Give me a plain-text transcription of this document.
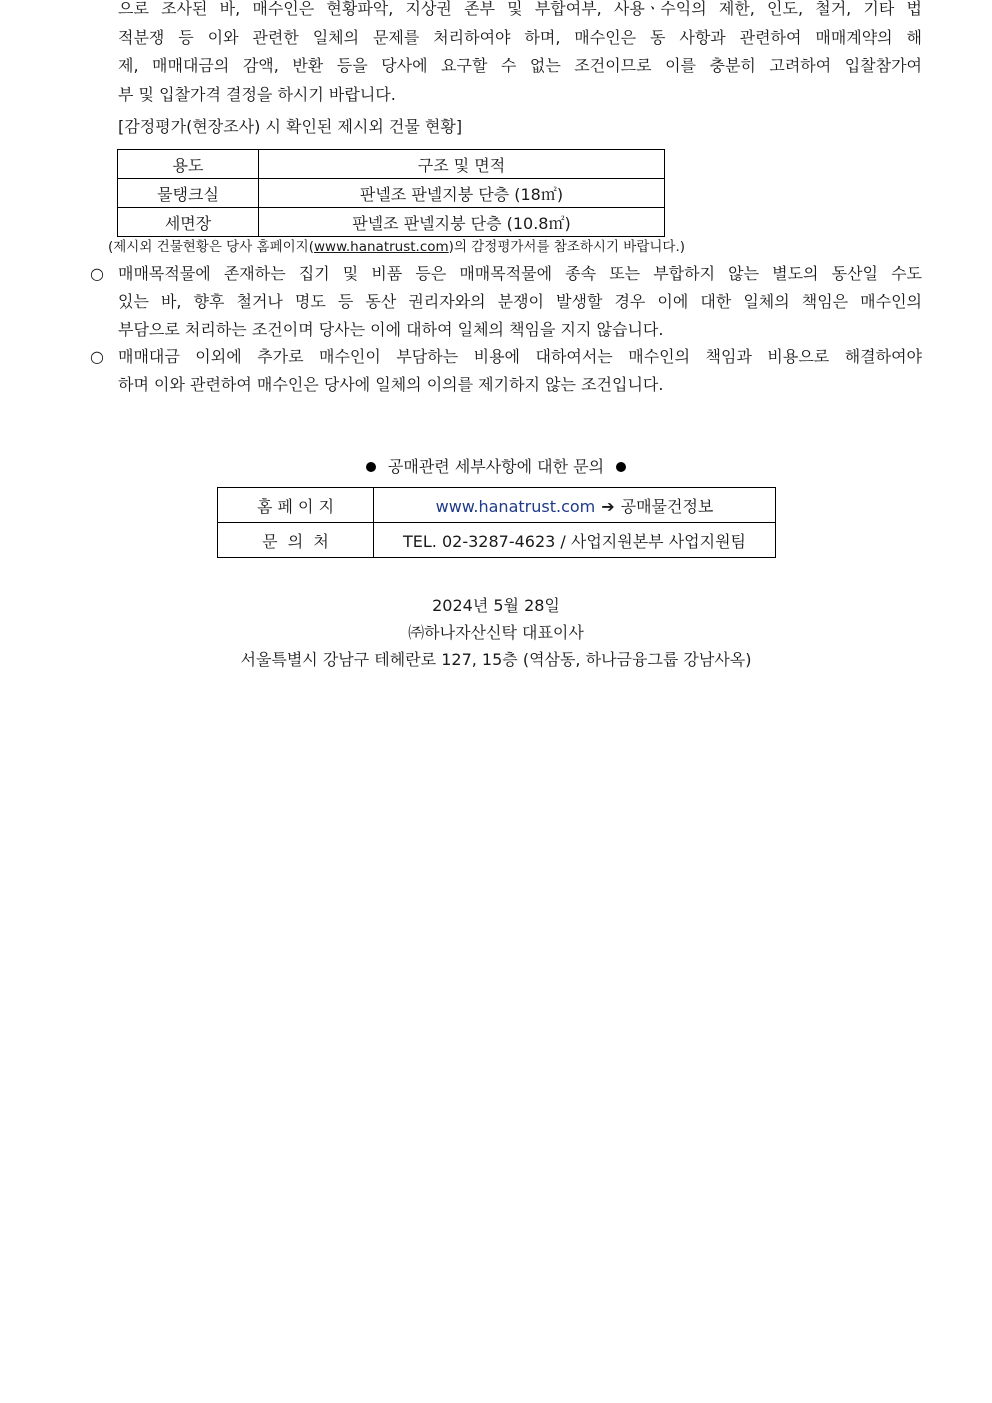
으로 조사된 바, 매수인은 현황파악, 지상권 존부 및 부합여부, 사용ㆍ수익의 제한, 인도, 철거, 기타 법
적분쟁 등 이와 관련한 일체의 문제를 처리하여야 하며, 매수인은 동 사항과 관련하여 매매계약의 해
제, 매매대금의 감액, 반환 등을 당사에 요구할 수 없는 조건이므로 이를 충분히 고려하여 입찰참가여
부 및 입찰가격 결정을 하시기 바랍니다.
[감정평가(현장조사) 시 확인된 제시외 건물 현황]
용도	구조 및 면적
물탱크실	판넬조 판넬지붕 단층 (18㎡)
세면장	판넬조 판넬지붕 단층 (10.8㎡)
(제시외 건물현황은 당사 홈페이지(www.hanatrust.com)의 감정평가서를 참조하시기 바랍니다.)
○ 매매목적물에 존재하는 집기 및 비품 등은 매매목적물에 종속 또는 부합하지 않는 별도의 동산일 수도
있는 바, 향후 철거나 명도 등 동산 권리자와의 분쟁이 발생할 경우 이에 대한 일체의 책임은 매수인의
부담으로 처리하는 조건이며 당사는 이에 대하여 일체의 책임을 지지 않습니다.
○ 매매대금 이외에 추가로 매수인이 부담하는 비용에 대하여서는 매수인의 책임과 비용으로 해결하여야
하며 이와 관련하여 매수인은 당사에 일체의 이의를 제기하지 않는 조건입니다.
공매관련 세부사항에 대한 문의
홈 페 이 지	www.hanatrust.com ➔ 공매물건정보
문  의  처	TEL. 02-3287-4623 / 사업지원본부 사업지원팀
2024년 5월 28일
㈜하나자산신탁 대표이사
서울특별시 강남구 테헤란로 127, 15층 (역삼동, 하나금융그룹 강남사옥)
